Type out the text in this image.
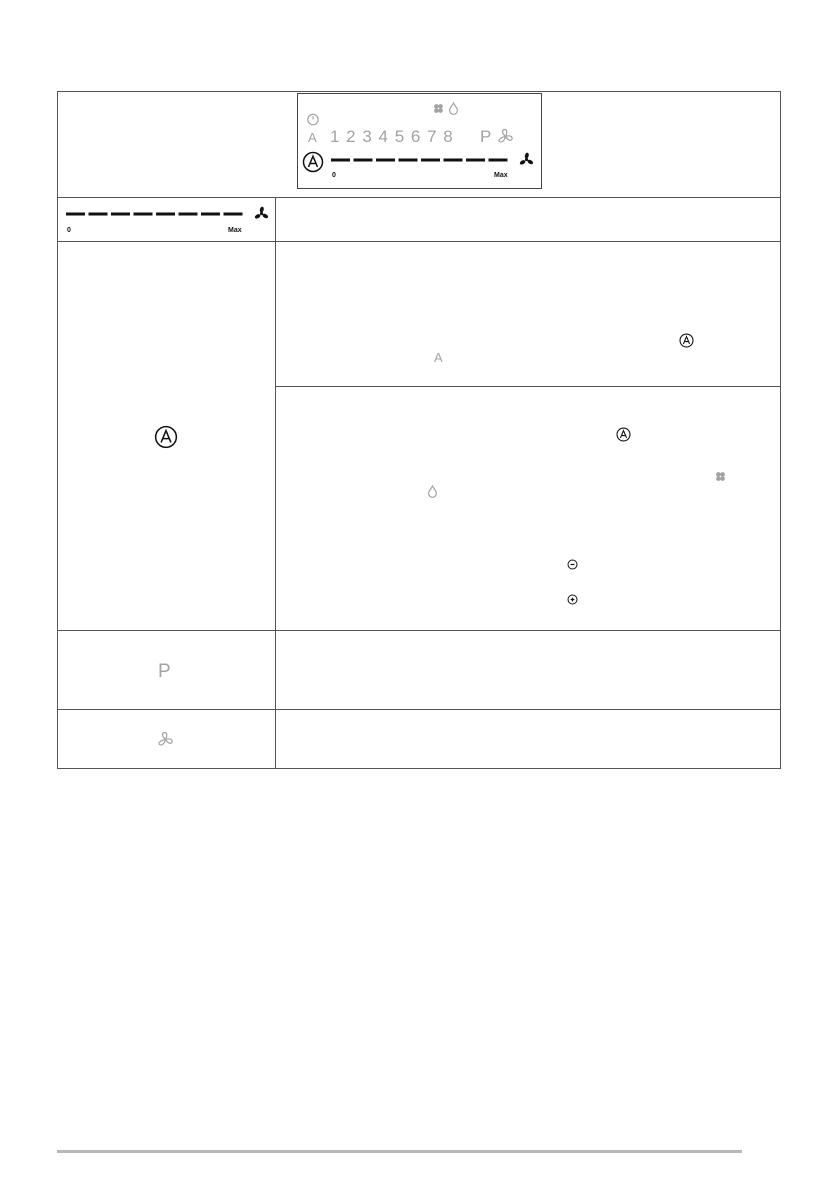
A 1 2 3 4 5 6 7 8 P
0	Max
0	Max
A
P
